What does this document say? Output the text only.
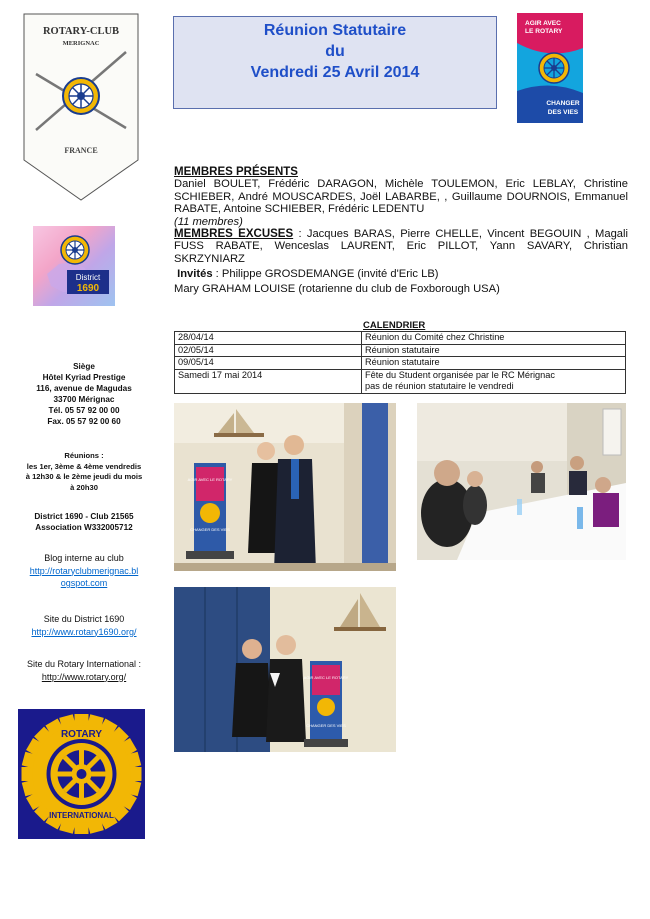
ROTARY-CLUB
MERIGNAC
FRANCE
District
1690
Siège
Hôtel Kyriad Prestige
116, avenue de Magudas
33700 Mérignac
Tél. 05 57 92 00 00
Fax. 05 57 92 00 60
Réunions :
les 1er, 3ème & 4ème vendredis
à 12h30 & le 2ème jeudi du mois
à 20h30
District 1690 - Club 21565
Association W332005712
Blog interne au club
http://rotaryclubmerignac.bl
ogspot.com
Site du District 1690
http://www.rotary1690.org/
Site du Rotary International :
http://www.rotary.org/
ROTARY
INTERNATIONAL
Réunion Statutaire
du
Vendredi 25 Avril 2014
AGIR AVEC
LE ROTARY
CHANGER
DES VIES

MEMBRES PRÉSENTS

Daniel BOULET, Frédéric DARAGON, Michèle TOULEMON, Eric LEBLAY, Christine SCHIEBER, André MOUSCARDES, Joël LABARBE, , Guillaume DOURNOIS, Emmanuel RABATE, Antoine SCHIEBER, Frédéric LEDENTU

(11 membres)

MEMBRES EXCUSES : Jacques BARAS, Pierre CHELLE, Vincent BEGOUIN , Magali FUSS RABATE, Wenceslas LAURENT, Eric PILLOT, Yann SAVARY, Christian SKRZYNIARZ

Invités : Philippe GROSDEMANGE (invité d'Eric LB)

Mary GRAHAM LOUISE (rotarienne du club de Foxborough USA)

CALENDRIER
28/04/14	Réunion du Comité chez Christine
02/05/14	Réunion statutaire
09/05/14	Réunion statutaire
Samedi 17 mai 2014	Fête du Student organisée par le RC Mérignac
pas de réunion statutaire le vendredi
AGIR AVEC LE ROTARY
CHANGER DES VIES
AGIR AVEC LE ROTARY
CHANGER DES VIES
